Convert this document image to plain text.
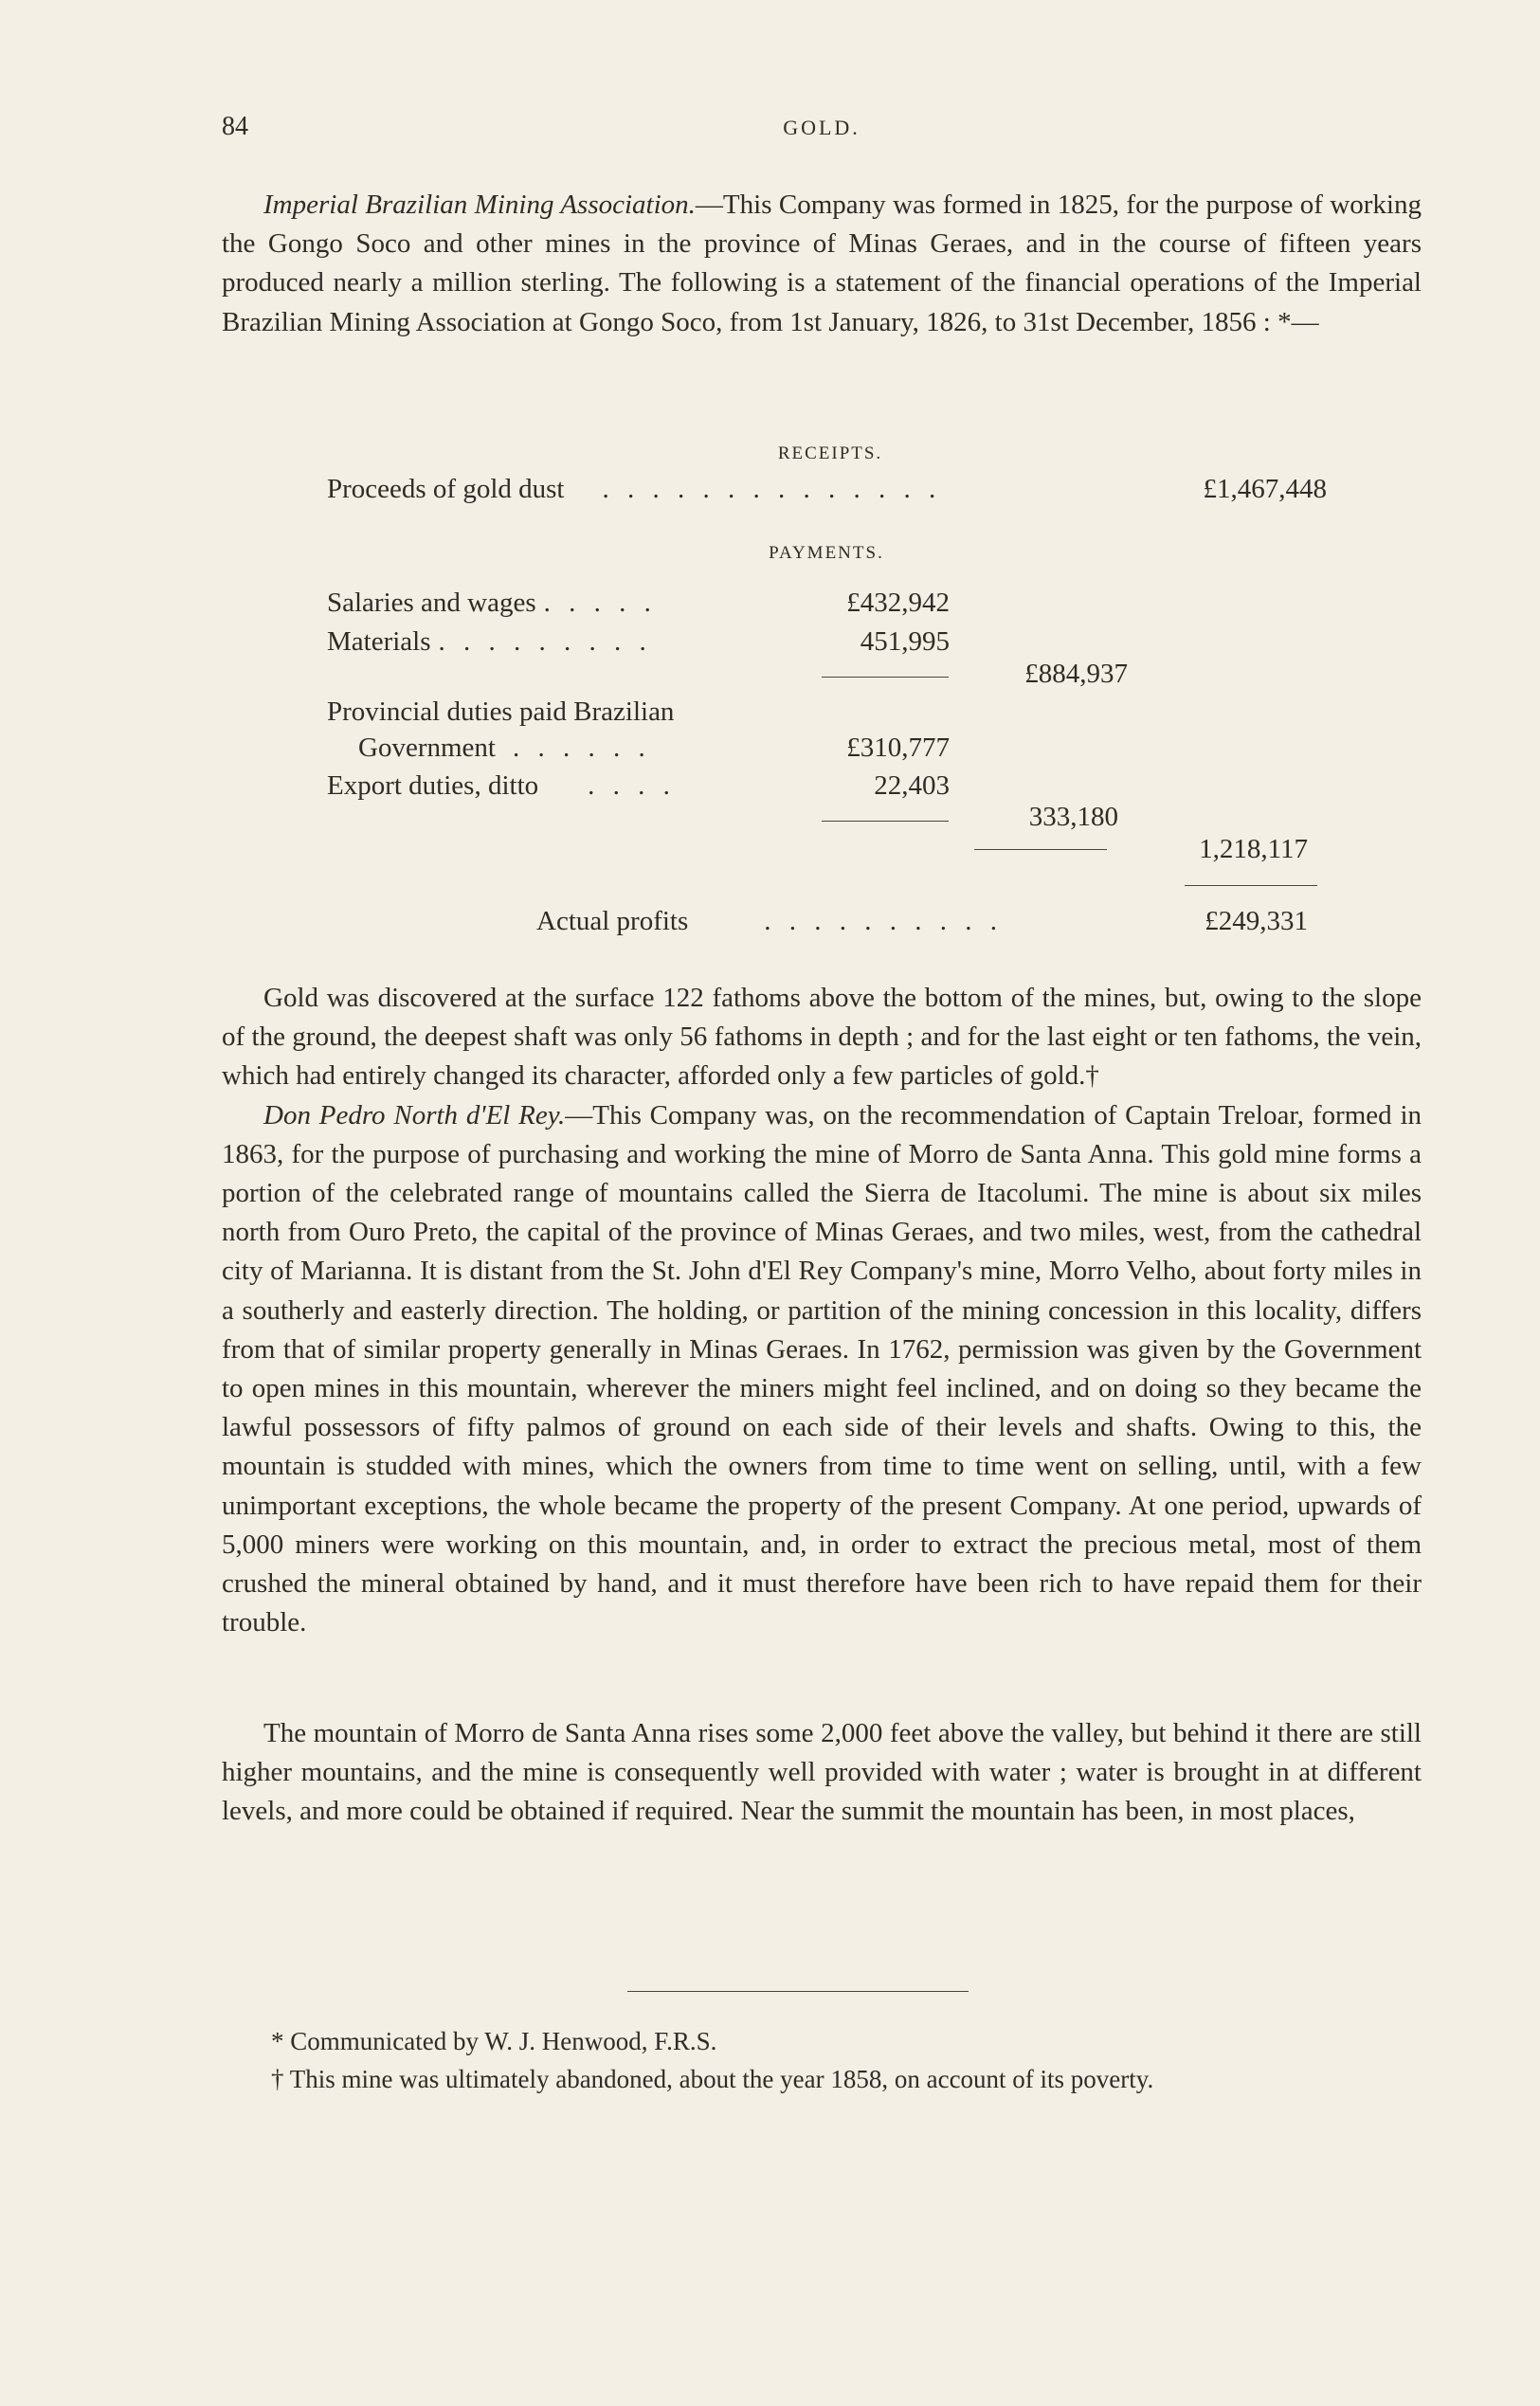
84	GOLD.

Imperial Brazilian Mining Association.—This Company was formed in 1825, for the purpose of working the Gongo Soco and other mines in the province of Minas Geraes, and in the course of fifteen years produced nearly a million sterling. The following is a statement of the financial operations of the Imperial Brazilian Mining Association at Gongo Soco, from 1st January, 1826, to 31st December, 1856 : *—

RECEIPTS.
Proceeds of gold dust . . . . . . . . . . . . . .	£1,467,448
PAYMENTS.
Salaries and wages . . . . .	£432,942
Materials . . . . . . . . .	451,995
£884,937
Provincial duties paid Brazilian
Government . . . . . .	£310,777
Export duties, ditto . . . .	22,403
333,180
1,218,117
Actual profits	. . . . . . . . . .	£249,331

Gold was discovered at the surface 122 fathoms above the bottom of the mines, but, owing to the slope of the ground, the deepest shaft was only 56 fathoms in depth ; and for the last eight or ten fathoms, the vein, which had entirely changed its character, afforded only a few particles of gold.†
Don Pedro North d'El Rey.—This Company was, on the recommendation of Captain Treloar, formed in 1863, for the purpose of purchasing and working the mine of Morro de Santa Anna. This gold mine forms a portion of the celebrated range of mountains called the Sierra de Itacolumi. The mine is about six miles north from Ouro Preto, the capital of the province of Minas Geraes, and two miles, west, from the cathedral city of Marianna. It is distant from the St. John d'El Rey Company's mine, Morro Velho, about forty miles in a southerly and easterly direction. The holding, or partition of the mining concession in this locality, differs from that of similar property generally in Minas Geraes. In 1762, permission was given by the Government to open mines in this mountain, wherever the miners might feel inclined, and on doing so they became the lawful possessors of fifty palmos of ground on each side of their levels and shafts. Owing to this, the mountain is studded with mines, which the owners from time to time went on selling, until, with a few unimportant exceptions, the whole became the property of the present Company. At one period, upwards of 5,000 miners were working on this mountain, and, in order to extract the precious metal, most of them crushed the mineral obtained by hand, and it must therefore have been rich to have repaid them for their trouble.

The mountain of Morro de Santa Anna rises some 2,000 feet above the valley, but behind it there are still higher mountains, and the mine is consequently well provided with water ; water is brought in at different levels, and more could be obtained if required. Near the summit the mountain has been, in most places,

* Communicated by W. J. Henwood, F.R.S.

† This mine was ultimately abandoned, about the year 1858, on account of its poverty.
